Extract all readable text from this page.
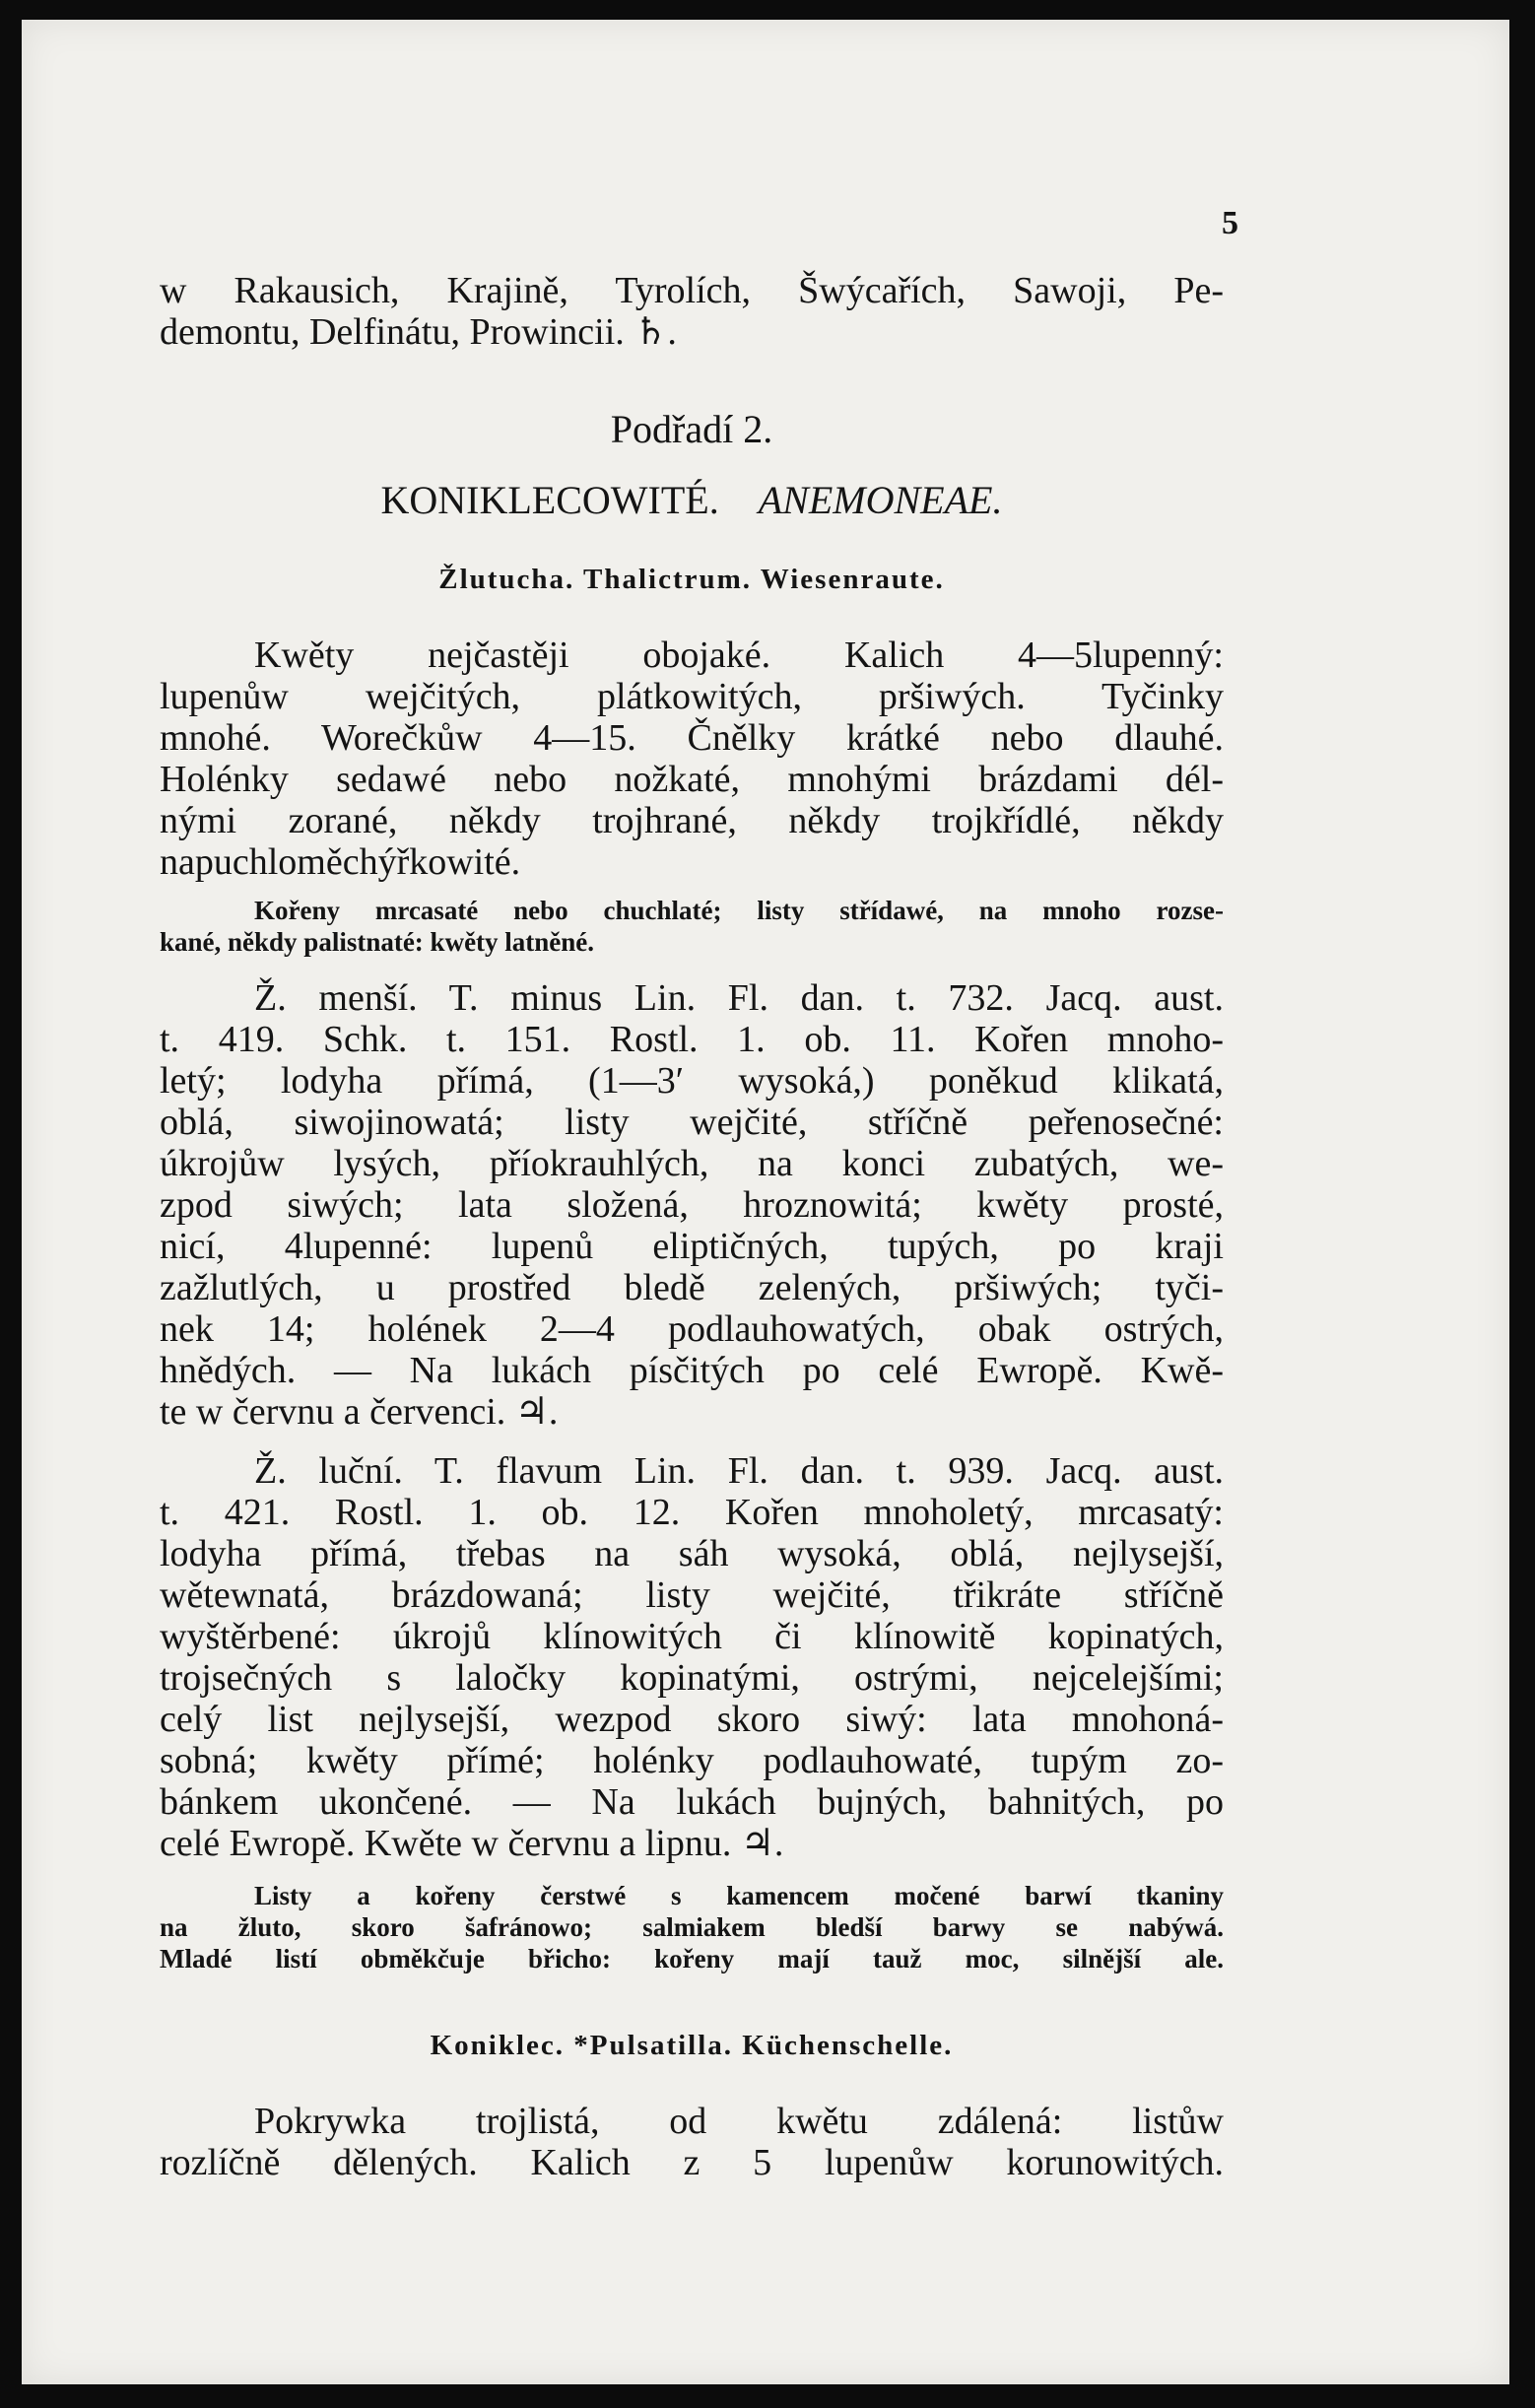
5
w Rakausich, Krajině, Tyrolích, Šwýcařích, Sawoji, Pe-
demontu, Delfinátu, Prowincii. ♄.
Podřadí 2.
KONIKLECOWITÉ. ANEMONEAE.
Žlutucha. Thalictrum. Wiesenraute.
Kwěty nejčastěji obojaké. Kalich 4—5lupenný:
lupenůw wejčitých, plátkowitých, pršiwých. Tyčinky
mnohé. Worečkůw 4—15. Čnělky krátké nebo dlauhé.
Holénky sedawé nebo nožkaté, mnohými brázdami dél-
nými zorané, někdy trojhrané, někdy trojkřídlé, někdy
napuchloměchýřkowité.
Kořeny mrcasaté nebo chuchlaté; listy střídawé, na mnoho rozse-
kané, někdy palistnaté: kwěty latněné.
Ž. menší. T. minus Lin. Fl. dan. t. 732. Jacq. aust.
t. 419. Schk. t. 151. Rostl. 1. ob. 11. Kořen mnoho-
letý; lodyha přímá, (1—3′ wysoká,) poněkud klikatá,
oblá, siwojinowatá; listy wejčité, stříčně peřenosečné:
úkrojůw lysých, příokrauhlých, na konci zubatých, we-
zpod siwých; lata složená, hroznowitá; kwěty prosté,
nicí, 4lupenné: lupenů eliptičných, tupých, po kraji
zažlutlých, u prostřed bledě zelených, pršiwých; tyči-
nek 14; holének 2—4 podlauhowatých, obak ostrých,
hnědých. — Na lukách písčitých po celé Ewropě. Kwě-
te w červnu a červenci. ♃.
Ž. luční. T. flavum Lin. Fl. dan. t. 939. Jacq. aust.
t. 421. Rostl. 1. ob. 12. Kořen mnoholetý, mrcasatý:
lodyha přímá, třebas na sáh wysoká, oblá, nejlysejší,
wětewnatá, brázdowaná; listy wejčité, třikráte stříčně
wyštěrbené: úkrojů klínowitých či klínowitě kopinatých,
trojsečných s laločky kopinatými, ostrými, nejcelejšími;
celý list nejlysejší, wezpod skoro siwý: lata mnohoná-
sobná; kwěty přímé; holénky podlauhowaté, tupým zo-
bánkem ukončené. — Na lukách bujných, bahnitých, po
celé Ewropě. Kwěte w červnu a lipnu. ♃.
Listy a kořeny čerstwé s kamencem močené barwí tkaniny
na žluto, skoro šafránowo; salmiakem bledší barwy se nabýwá.
Mladé listí obměkčuje břicho: kořeny mají tauž moc, silnější ale.
Koniklec. *Pulsatilla. Küchenschelle.
Pokrywka trojlistá, od kwětu zdálená: listůw
rozlíčně dělených. Kalich z 5 lupenůw korunowitých.
